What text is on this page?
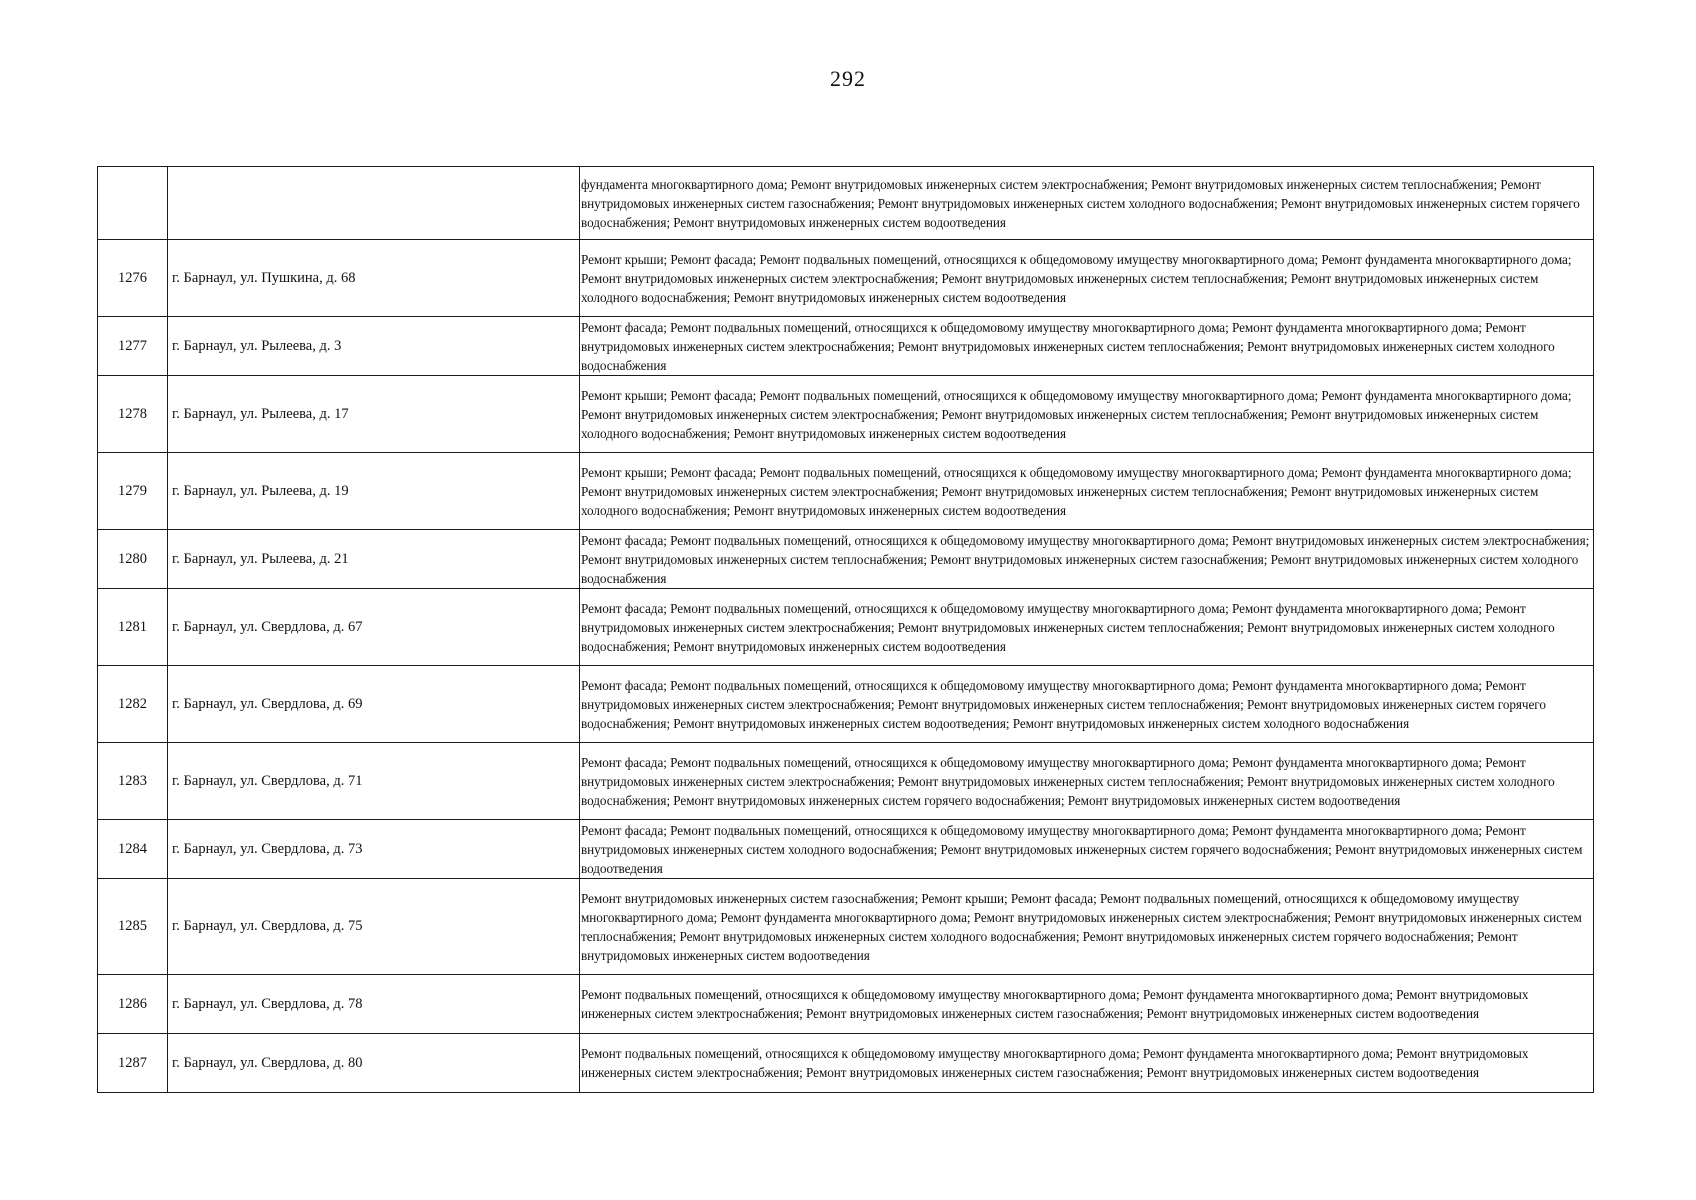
292
		фундамента многоквартирного дома; Ремонт внутридомовых инженерных систем электроснабжения; Ремонт внутридомовых инженерных систем теплоснабжения; Ремонт внутридомовых инженерных систем газоснабжения; Ремонт внутридомовых инженерных систем холодного водоснабжения; Ремонт внутридомовых инженерных систем горячего водоснабжения; Ремонт внутридомовых инженерных систем водоотведения
1276	г. Барнаул, ул. Пушкина, д. 68	Ремонт крыши; Ремонт фасада; Ремонт подвальных помещений, относящихся к общедомовому имуществу многоквартирного дома; Ремонт фундамента многоквартирного дома; Ремонт внутридомовых инженерных систем электроснабжения; Ремонт внутридомовых инженерных систем теплоснабжения; Ремонт внутридомовых инженерных систем холодного водоснабжения; Ремонт внутридомовых инженерных систем водоотведения
1277	г. Барнаул, ул. Рылеева, д. 3	Ремонт фасада; Ремонт подвальных помещений, относящихся к общедомовому имуществу многоквартирного дома; Ремонт фундамента многоквартирного дома; Ремонт внутридомовых инженерных систем электроснабжения; Ремонт внутридомовых инженерных систем теплоснабжения; Ремонт внутридомовых инженерных систем холодного водоснабжения
1278	г. Барнаул, ул. Рылеева, д. 17	Ремонт крыши; Ремонт фасада; Ремонт подвальных помещений, относящихся к общедомовому имуществу многоквартирного дома; Ремонт фундамента многоквартирного дома; Ремонт внутридомовых инженерных систем электроснабжения; Ремонт внутридомовых инженерных систем теплоснабжения; Ремонт внутридомовых инженерных систем холодного водоснабжения; Ремонт внутридомовых инженерных систем водоотведения
1279	г. Барнаул, ул. Рылеева, д. 19	Ремонт крыши; Ремонт фасада; Ремонт подвальных помещений, относящихся к общедомовому имуществу многоквартирного дома; Ремонт фундамента многоквартирного дома; Ремонт внутридомовых инженерных систем электроснабжения; Ремонт внутридомовых инженерных систем теплоснабжения; Ремонт внутридомовых инженерных систем холодного водоснабжения; Ремонт внутридомовых инженерных систем водоотведения
1280	г. Барнаул, ул. Рылеева, д. 21	Ремонт фасада; Ремонт подвальных помещений, относящихся к общедомовому имуществу многоквартирного дома; Ремонт внутридомовых инженерных систем электроснабжения; Ремонт внутридомовых инженерных систем теплоснабжения; Ремонт внутридомовых инженерных систем газоснабжения; Ремонт внутридомовых инженерных систем холодного водоснабжения
1281	г. Барнаул, ул. Свердлова, д. 67	Ремонт фасада; Ремонт подвальных помещений, относящихся к общедомовому имуществу многоквартирного дома; Ремонт фундамента многоквартирного дома; Ремонт внутридомовых инженерных систем электроснабжения; Ремонт внутридомовых инженерных систем теплоснабжения; Ремонт внутридомовых инженерных систем холодного водоснабжения; Ремонт внутридомовых инженерных систем водоотведения
1282	г. Барнаул, ул. Свердлова, д. 69	Ремонт фасада; Ремонт подвальных помещений, относящихся к общедомовому имуществу многоквартирного дома; Ремонт фундамента многоквартирного дома; Ремонт внутридомовых инженерных систем электроснабжения; Ремонт внутридомовых инженерных систем теплоснабжения; Ремонт внутридомовых инженерных систем горячего водоснабжения; Ремонт внутридомовых инженерных систем водоотведения; Ремонт внутридомовых инженерных систем холодного водоснабжения
1283	г. Барнаул, ул. Свердлова, д. 71	Ремонт фасада; Ремонт подвальных помещений, относящихся к общедомовому имуществу многоквартирного дома; Ремонт фундамента многоквартирного дома; Ремонт внутридомовых инженерных систем электроснабжения; Ремонт внутридомовых инженерных систем теплоснабжения; Ремонт внутридомовых инженерных систем холодного водоснабжения; Ремонт внутридомовых инженерных систем горячего водоснабжения; Ремонт внутридомовых инженерных систем водоотведения
1284	г. Барнаул, ул. Свердлова, д. 73	Ремонт фасада; Ремонт подвальных помещений, относящихся к общедомовому имуществу многоквартирного дома; Ремонт фундамента многоквартирного дома; Ремонт внутридомовых инженерных систем холодного водоснабжения; Ремонт внутридомовых инженерных систем горячего водоснабжения; Ремонт внутридомовых инженерных систем водоотведения
1285	г. Барнаул, ул. Свердлова, д. 75	Ремонт внутридомовых инженерных систем газоснабжения; Ремонт крыши; Ремонт фасада; Ремонт подвальных помещений, относящихся к общедомовому имуществу многоквартирного дома; Ремонт фундамента многоквартирного дома; Ремонт внутридомовых инженерных систем электроснабжения; Ремонт внутридомовых инженерных систем теплоснабжения; Ремонт внутридомовых инженерных систем холодного водоснабжения; Ремонт внутридомовых инженерных систем горячего водоснабжения; Ремонт внутридомовых инженерных систем водоотведения
1286	г. Барнаул, ул. Свердлова, д. 78	Ремонт подвальных помещений, относящихся к общедомовому имуществу многоквартирного дома; Ремонт фундамента многоквартирного дома; Ремонт внутридомовых инженерных систем электроснабжения; Ремонт внутридомовых инженерных систем газоснабжения; Ремонт внутридомовых инженерных систем водоотведения
1287	г. Барнаул, ул. Свердлова, д. 80	Ремонт подвальных помещений, относящихся к общедомовому имуществу многоквартирного дома; Ремонт фундамента многоквартирного дома; Ремонт внутридомовых инженерных систем электроснабжения; Ремонт внутридомовых инженерных систем газоснабжения; Ремонт внутридомовых инженерных систем водоотведения
